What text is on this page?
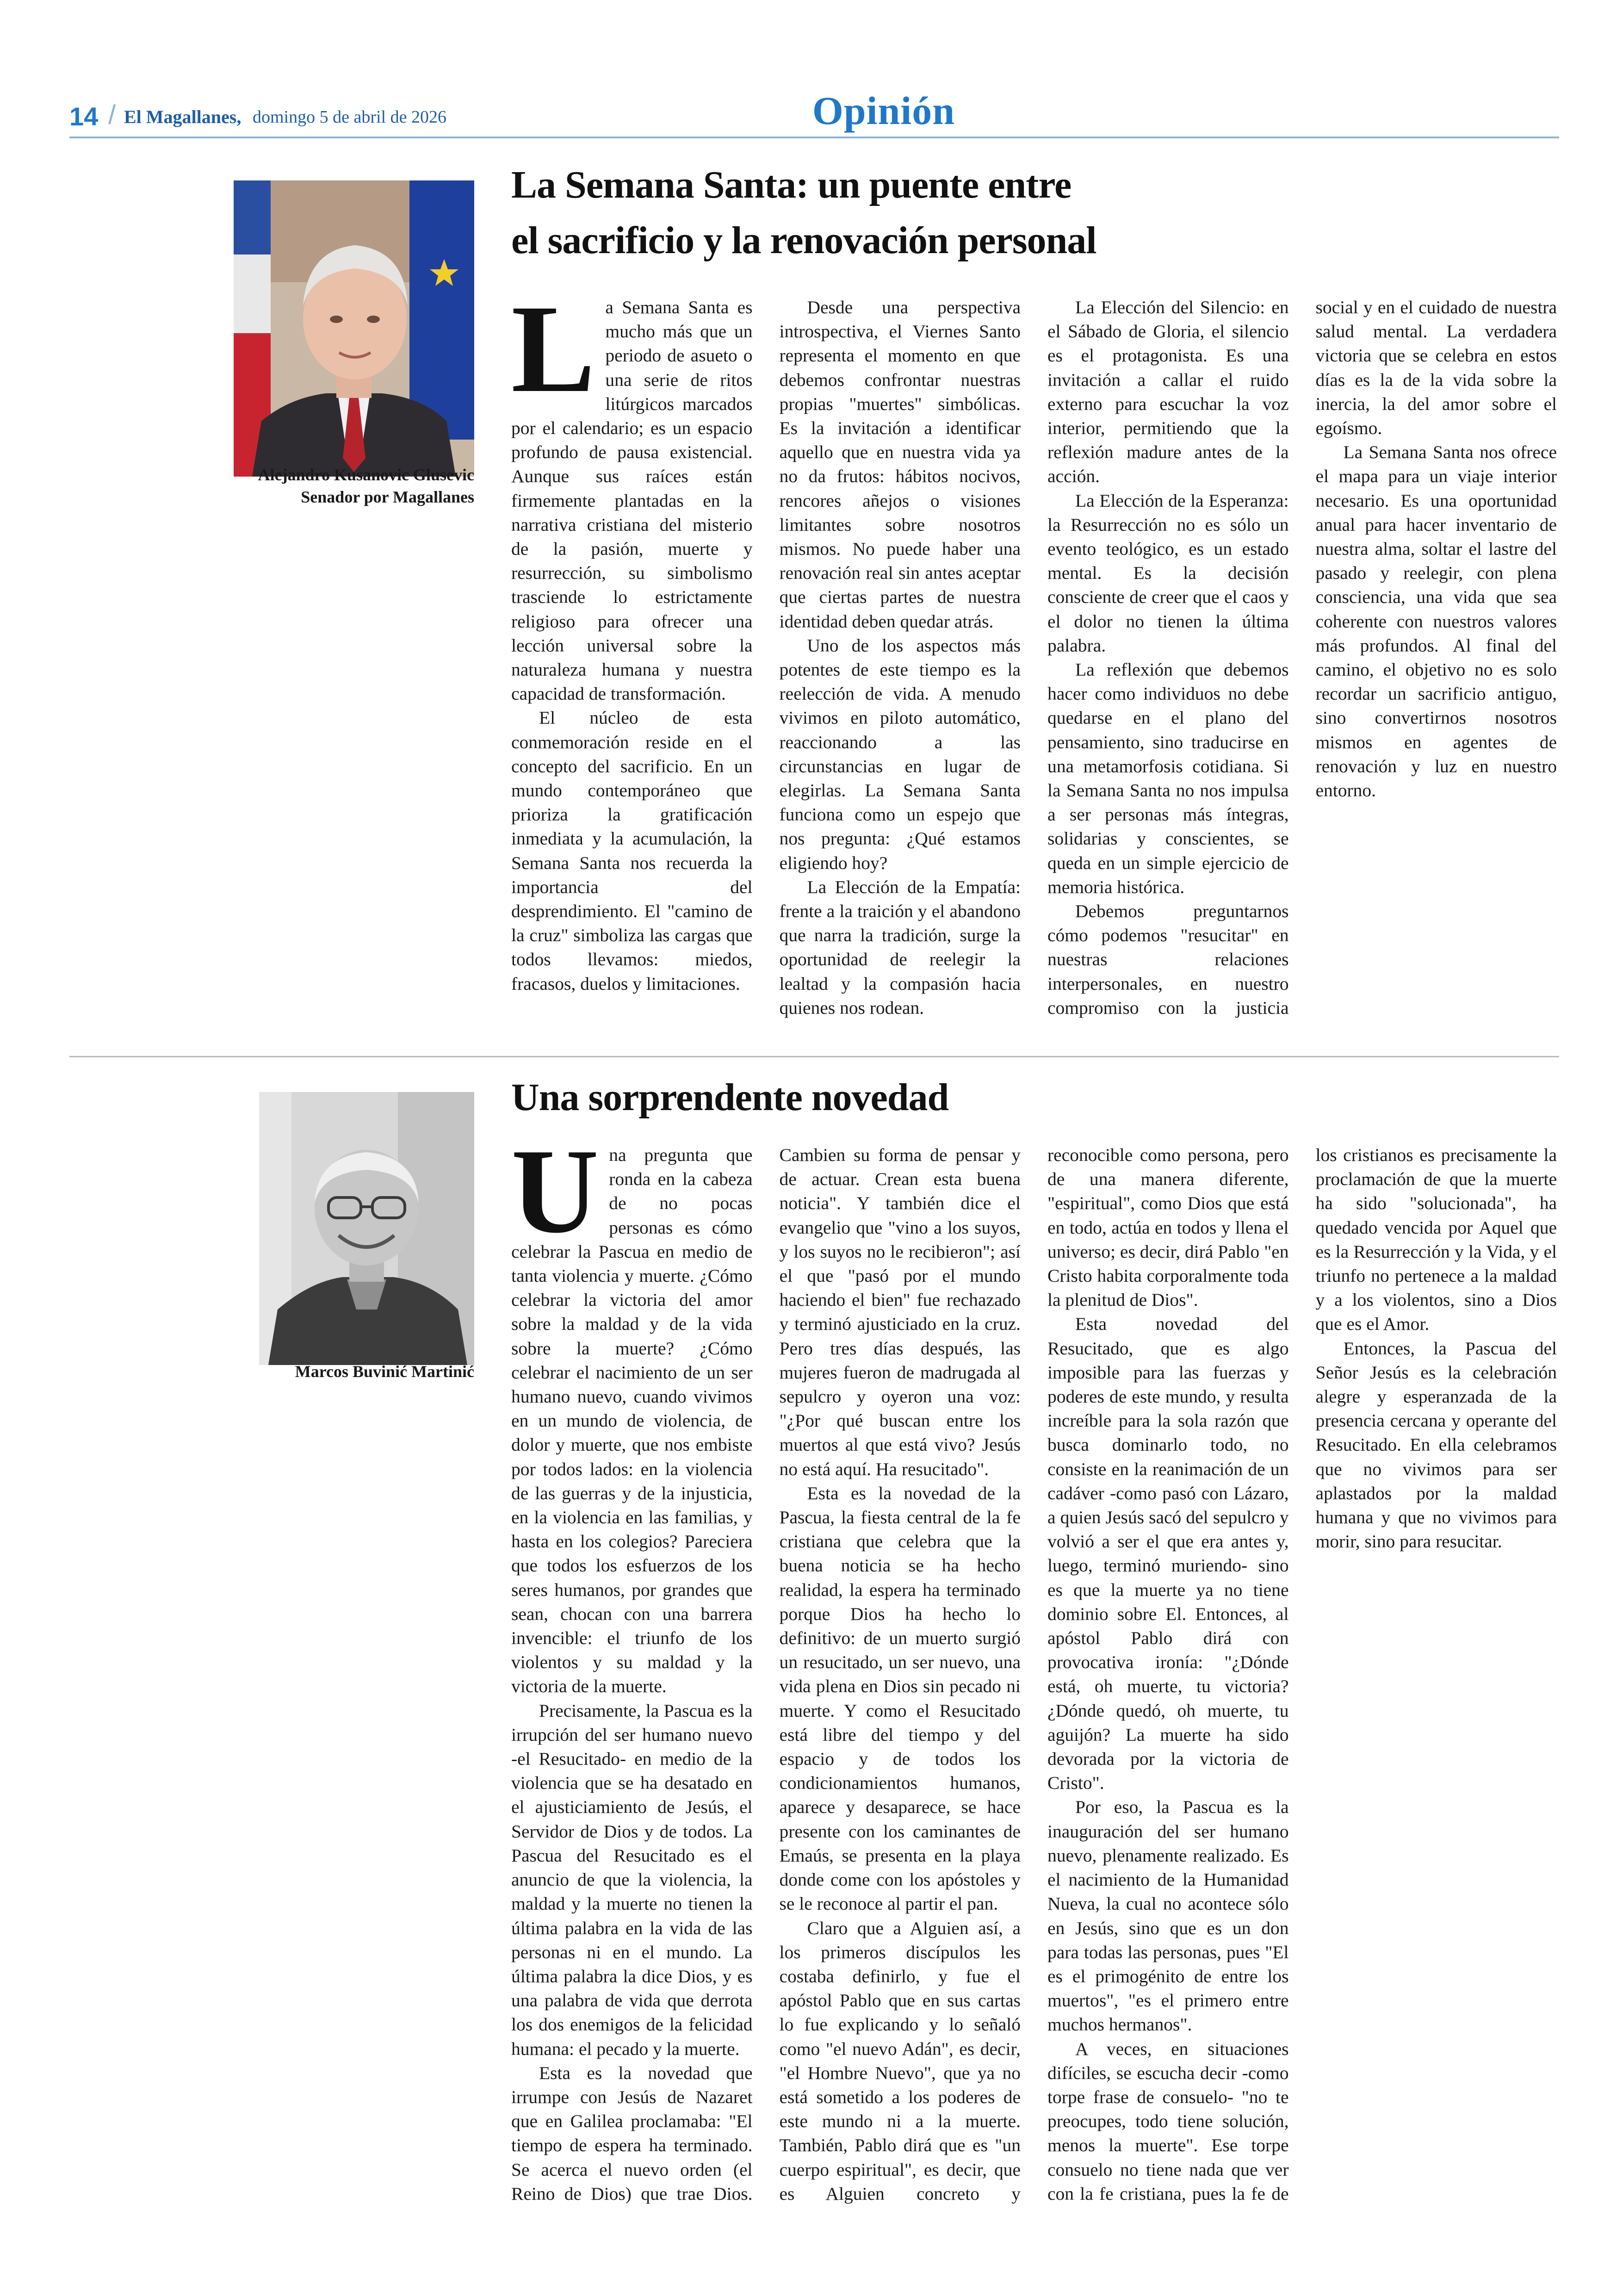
14 / El Magallanes, domingo 5 de abril de 2026	Opinión
Alejandro Kusanovic Glusevic
Senador por Magallanes
La Semana Santa: un puente entre
el sacrificio y la renovación personal

La Semana Santa es mucho más que un periodo de asueto o una serie de ritos litúrgicos marcados por el calendario; es un espacio profundo de pausa existencial. Aunque sus raíces están firmemente plantadas en la narrativa cristiana del misterio de la pasión, muerte y resurrección, su simbolismo trasciende lo estrictamente religioso para ofrecer una lección universal sobre la naturaleza humana y nuestra capacidad de transformación.

El núcleo de esta conmemoración reside en el concepto del sacrificio. En un mundo contemporáneo que prioriza la gratificación inmediata y la acumulación, la Semana Santa nos recuerda la importancia del desprendimiento. El "camino de la cruz" simboliza las cargas que todos llevamos: miedos, fracasos, duelos y limitaciones.

Desde una perspectiva introspectiva, el Viernes Santo representa el momento en que debemos confrontar nuestras propias "muertes" simbólicas. Es la invitación a identificar aquello que en nuestra vida ya no da frutos: hábitos nocivos, rencores añejos o visiones limitantes sobre nosotros mismos. No puede haber una renovación real sin antes aceptar que ciertas partes de nuestra identidad deben quedar atrás.

Uno de los aspectos más potentes de este tiempo es la reelección de vida. A menudo vivimos en piloto automático, reaccionando a las circunstancias en lugar de elegirlas. La Semana Santa funciona como un espejo que nos pregunta: ¿Qué estamos eligiendo hoy?

La Elección de la Empatía: frente a la traición y el abandono que narra la tradición, surge la oportunidad de reelegir la lealtad y la compasión hacia quienes nos rodean.

La Elección del Silencio: en el Sábado de Gloria, el silencio es el protagonista. Es una invitación a callar el ruido externo para escuchar la voz interior, permitiendo que la reflexión madure antes de la acción.

La Elección de la Esperanza: la Resurrección no es sólo un evento teológico, es un estado mental. Es la decisión consciente de creer que el caos y el dolor no tienen la última palabra.

La reflexión que debemos hacer como individuos no debe quedarse en el plano del pensamiento, sino traducirse en una metamorfosis cotidiana. Si la Semana Santa no nos impulsa a ser personas más íntegras, solidarias y conscientes, se queda en un simple ejercicio de memoria histórica.

Debemos preguntarnos cómo podemos "resucitar" en nuestras relaciones interpersonales, en nuestro compromiso con la justicia social y en el cuidado de nuestra salud mental. La verdadera victoria que se celebra en estos días es la de la vida sobre la inercia, la del amor sobre el egoísmo.

La Semana Santa nos ofrece el mapa para un viaje interior necesario. Es una oportunidad anual para hacer inventario de nuestra alma, soltar el lastre del pasado y reelegir, con plena consciencia, una vida que sea coherente con nuestros valores más profundos. Al final del camino, el objetivo no es solo recordar un sacrificio antiguo, sino convertirnos nosotros mismos en agentes de renovación y luz en nuestro entorno.

Marcos Buvinić Martinić
Una sorprendente novedad

Una pregunta que ronda en la cabeza de no pocas personas es cómo celebrar la Pascua en medio de tanta violencia y muerte. ¿Cómo celebrar la victoria del amor sobre la maldad y de la vida sobre la muerte? ¿Cómo celebrar el nacimiento de un ser humano nuevo, cuando vivimos en un mundo de violencia, de dolor y muerte, que nos embiste por todos lados: en la violencia de las guerras y de la injusticia, en la violencia en las familias, y hasta en los colegios? Pareciera que todos los esfuerzos de los seres humanos, por grandes que sean, chocan con una barrera invencible: el triunfo de los violentos y su maldad y la victoria de la muerte.

Precisamente, la Pascua es la irrupción del ser humano nuevo -el Resucitado- en medio de la violencia que se ha desatado en el ajusticiamiento de Jesús, el Servidor de Dios y de todos. La Pascua del Resucitado es el anuncio de que la violencia, la maldad y la muerte no tienen la última palabra en la vida de las personas ni en el mundo. La última palabra la dice Dios, y es una palabra de vida que derrota los dos enemigos de la felicidad humana: el pecado y la muerte.

Esta es la novedad que irrumpe con Jesús de Nazaret que en Galilea proclamaba: "El tiempo de espera ha terminado. Se acerca el nuevo orden (el Reino de Dios) que trae Dios. Cambien su forma de pensar y de actuar. Crean esta buena noticia". Y también dice el evangelio que "vino a los suyos, y los suyos no le recibieron"; así el que "pasó por el mundo haciendo el bien" fue rechazado y terminó ajusticiado en la cruz. Pero tres días después, las mujeres fueron de madrugada al sepulcro y oyeron una voz: "¿Por qué buscan entre los muertos al que está vivo? Jesús no está aquí. Ha resucitado".

Esta es la novedad de la Pascua, la fiesta central de la fe cristiana que celebra que la buena noticia se ha hecho realidad, la espera ha terminado porque Dios ha hecho lo definitivo: de un muerto surgió un resucitado, un ser nuevo, una vida plena en Dios sin pecado ni muerte. Y como el Resucitado está libre del tiempo y del espacio y de todos los condicionamientos humanos, aparece y desaparece, se hace presente con los caminantes de Emaús, se presenta en la playa donde come con los apóstoles y se le reconoce al partir el pan.

Claro que a Alguien así, a los primeros discípulos les costaba definirlo, y fue el apóstol Pablo que en sus cartas lo fue explicando y lo señaló como "el nuevo Adán", es decir, "el Hombre Nuevo", que ya no está sometido a los poderes de este mundo ni a la muerte. También, Pablo dirá que es "un cuerpo espiritual", es decir, que es Alguien concreto y reconocible como persona, pero de una manera diferente, "espiritual", como Dios que está en todo, actúa en todos y llena el universo; es decir, dirá Pablo "en Cristo habita corporalmente toda la plenitud de Dios".

Esta novedad del Resucitado, que es algo imposible para las fuerzas y poderes de este mundo, y resulta increíble para la sola razón que busca dominarlo todo, no consiste en la reanimación de un cadáver -como pasó con Lázaro, a quien Jesús sacó del sepulcro y volvió a ser el que era antes y, luego, terminó muriendo- sino es que la muerte ya no tiene dominio sobre El. Entonces, al apóstol Pablo dirá con provocativa ironía: "¿Dónde está, oh muerte, tu victoria? ¿Dónde quedó, oh muerte, tu aguijón? La muerte ha sido devorada por la victoria de Cristo".

Por eso, la Pascua es la inauguración del ser humano nuevo, plenamente realizado. Es el nacimiento de la Humanidad Nueva, la cual no acontece sólo en Jesús, sino que es un don para todas las personas, pues "El es el primogénito de entre los muertos", "es el primero entre muchos hermanos".

A veces, en situaciones difíciles, se escucha decir -como torpe frase de consuelo- "no te preocupes, todo tiene solución, menos la muerte". Ese torpe consuelo no tiene nada que ver con la fe cristiana, pues la fe de los cristianos es precisamente la proclamación de que la muerte ha sido "solucionada", ha quedado vencida por Aquel que es la Resurrección y la Vida, y el triunfo no pertenece a la maldad y a los violentos, sino a Dios que es el Amor.

Entonces, la Pascua del Señor Jesús es la celebración alegre y esperanzada de la presencia cercana y operante del Resucitado. En ella celebramos que no vivimos para ser aplastados por la maldad humana y que no vivimos para morir, sino para resucitar.
